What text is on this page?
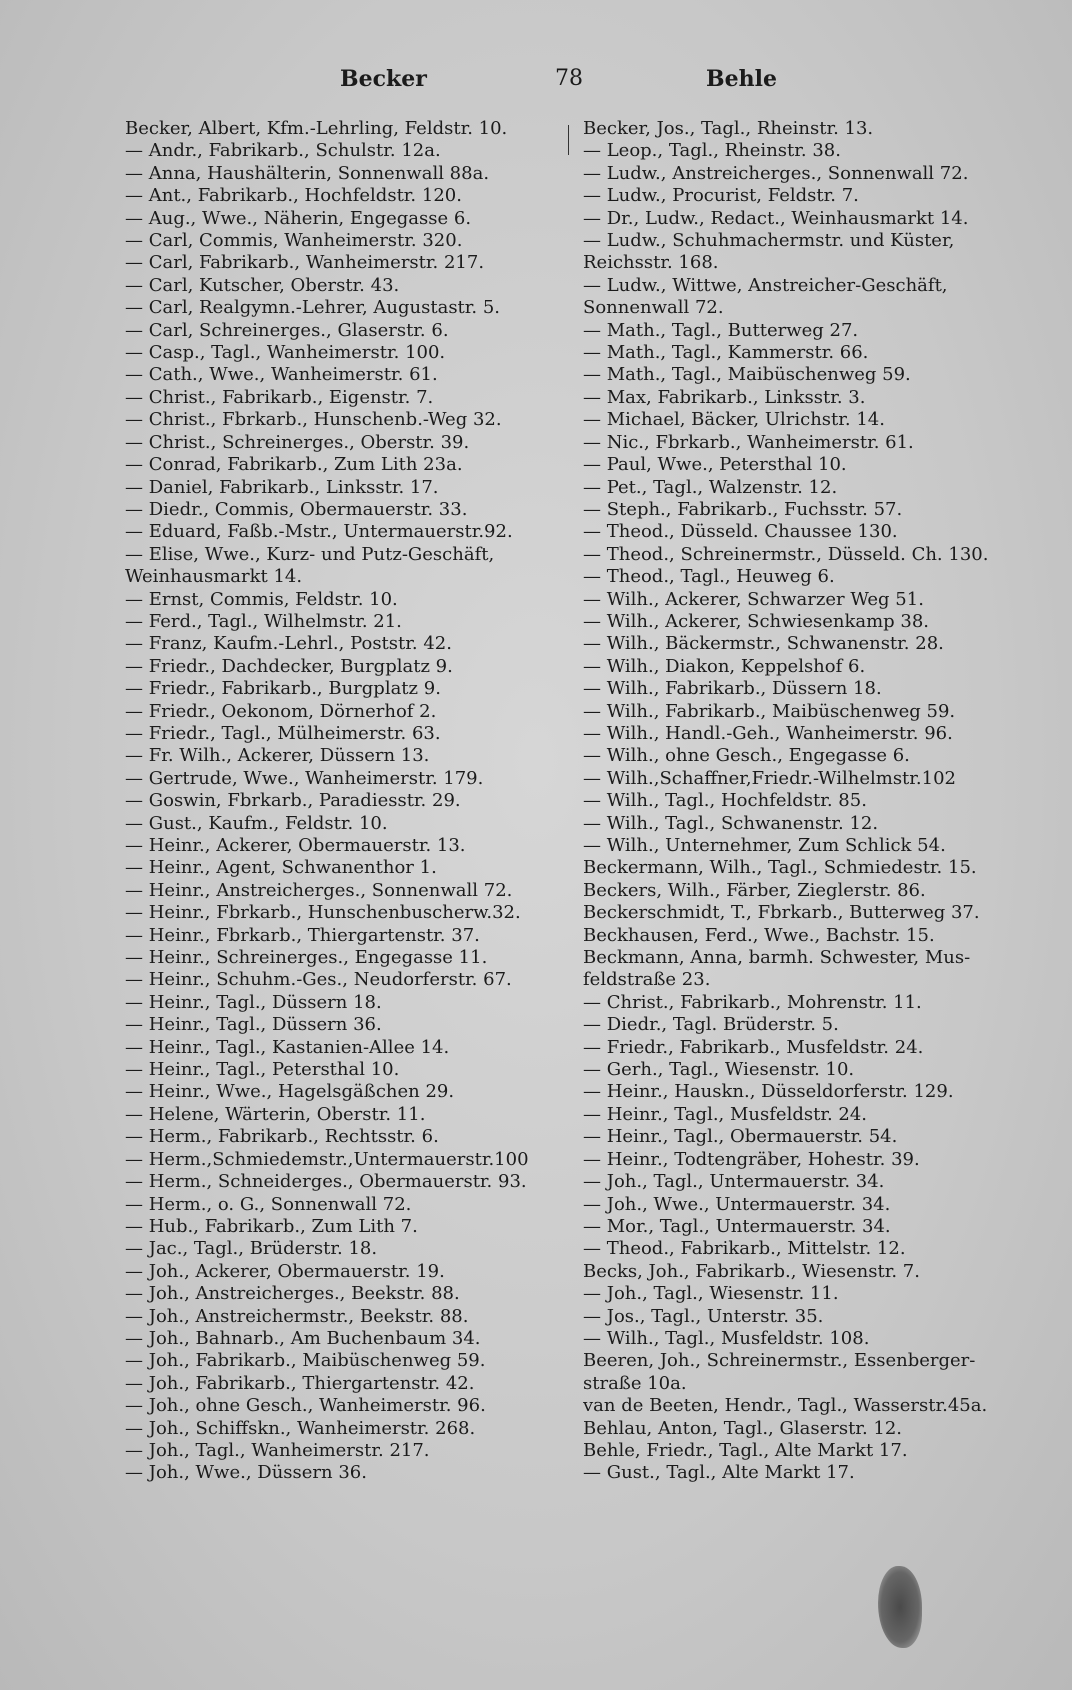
Becker	78	Behle
Becker, Albert, Kfm.-Lehrling, Feldstr. 10.
— Andr., Fabrikarb., Schulstr. 12a.
— Anna, Haushälterin, Sonnenwall 88a.
— Ant., Fabrikarb., Hochfeldstr. 120.
— Aug., Wwe., Näherin, Engegasse 6.
— Carl, Commis, Wanheimerstr. 320.
— Carl, Fabrikarb., Wanheimerstr. 217.
— Carl, Kutscher, Oberstr. 43.
— Carl, Realgymn.-Lehrer, Augustastr. 5.
— Carl, Schreinerges., Glaserstr. 6.
— Casp., Tagl., Wanheimerstr. 100.
— Cath., Wwe., Wanheimerstr. 61.
— Christ., Fabrikarb., Eigenstr. 7.
— Christ., Fbrkarb., Hunschenb.-Weg 32.
— Christ., Schreinerges., Oberstr. 39.
— Conrad, Fabrikarb., Zum Lith 23a.
— Daniel, Fabrikarb., Linksstr. 17.
— Diedr., Commis, Obermauerstr. 33.
— Eduard, Faßb.-Mstr., Untermauerstr.92.
— Elise, Wwe., Kurz- und Putz-Geschäft,
Weinhausmarkt 14.
— Ernst, Commis, Feldstr. 10.
— Ferd., Tagl., Wilhelmstr. 21.
— Franz, Kaufm.-Lehrl., Poststr. 42.
— Friedr., Dachdecker, Burgplatz 9.
— Friedr., Fabrikarb., Burgplatz 9.
— Friedr., Oekonom, Dörnerhof 2.
— Friedr., Tagl., Mülheimerstr. 63.
— Fr. Wilh., Ackerer, Düssern 13.
— Gertrude, Wwe., Wanheimerstr. 179.
— Goswin, Fbrkarb., Paradiesstr. 29.
— Gust., Kaufm., Feldstr. 10.
— Heinr., Ackerer, Obermauerstr. 13.
— Heinr., Agent, Schwanenthor 1.
— Heinr., Anstreicherges., Sonnenwall 72.
— Heinr., Fbrkarb., Hunschenbuscherw.32.
— Heinr., Fbrkarb., Thiergartenstr. 37.
— Heinr., Schreinerges., Engegasse 11.
— Heinr., Schuhm.-Ges., Neudorferstr. 67.
— Heinr., Tagl., Düssern 18.
— Heinr., Tagl., Düssern 36.
— Heinr., Tagl., Kastanien-Allee 14.
— Heinr., Tagl., Petersthal 10.
— Heinr., Wwe., Hagelsgäßchen 29.
— Helene, Wärterin, Oberstr. 11.
— Herm., Fabrikarb., Rechtsstr. 6.
— Herm.,Schmiedemstr.,Untermauerstr.100
— Herm., Schneiderges., Obermauerstr. 93.
— Herm., o. G., Sonnenwall 72.
— Hub., Fabrikarb., Zum Lith 7.
— Jac., Tagl., Brüderstr. 18.
— Joh., Ackerer, Obermauerstr. 19.
— Joh., Anstreicherges., Beekstr. 88.
— Joh., Anstreichermstr., Beekstr. 88.
— Joh., Bahnarb., Am Buchenbaum 34.
— Joh., Fabrikarb., Maibüschenweg 59.
— Joh., Fabrikarb., Thiergartenstr. 42.
— Joh., ohne Gesch., Wanheimerstr. 96.
— Joh., Schiffskn., Wanheimerstr. 268.
— Joh., Tagl., Wanheimerstr. 217.
— Joh., Wwe., Düssern 36.
Becker, Jos., Tagl., Rheinstr. 13.
— Leop., Tagl., Rheinstr. 38.
— Ludw., Anstreicherges., Sonnenwall 72.
— Ludw., Procurist, Feldstr. 7.
— Dr., Ludw., Redact., Weinhausmarkt 14.
— Ludw., Schuhmachermstr. und Küster,
Reichsstr. 168.
— Ludw., Wittwe, Anstreicher-Geschäft,
Sonnenwall 72.
— Math., Tagl., Butterweg 27.
— Math., Tagl., Kammerstr. 66.
— Math., Tagl., Maibüschenweg 59.
— Max, Fabrikarb., Linksstr. 3.
— Michael, Bäcker, Ulrichstr. 14.
— Nic., Fbrkarb., Wanheimerstr. 61.
— Paul, Wwe., Petersthal 10.
— Pet., Tagl., Walzenstr. 12.
— Steph., Fabrikarb., Fuchsstr. 57.
— Theod., Düsseld. Chaussee 130.
— Theod., Schreinermstr., Düsseld. Ch. 130.
— Theod., Tagl., Heuweg 6.
— Wilh., Ackerer, Schwarzer Weg 51.
— Wilh., Ackerer, Schwiesenkamp 38.
— Wilh., Bäckermstr., Schwanenstr. 28.
— Wilh., Diakon, Keppelshof 6.
— Wilh., Fabrikarb., Düssern 18.
— Wilh., Fabrikarb., Maibüschenweg 59.
— Wilh., Handl.-Geh., Wanheimerstr. 96.
— Wilh., ohne Gesch., Engegasse 6.
— Wilh.,Schaffner,Friedr.-Wilhelmstr.102
— Wilh., Tagl., Hochfeldstr. 85.
— Wilh., Tagl., Schwanenstr. 12.
— Wilh., Unternehmer, Zum Schlick 54.
Beckermann, Wilh., Tagl., Schmiedestr. 15.
Beckers, Wilh., Färber, Zieglerstr. 86.
Beckerschmidt, T., Fbrkarb., Butterweg 37.
Beckhausen, Ferd., Wwe., Bachstr. 15.
Beckmann, Anna, barmh. Schwester, Mus-
feldstraße 23.
— Christ., Fabrikarb., Mohrenstr. 11.
— Diedr., Tagl. Brüderstr. 5.
— Friedr., Fabrikarb., Musfeldstr. 24.
— Gerh., Tagl., Wiesenstr. 10.
— Heinr., Hauskn., Düsseldorferstr. 129.
— Heinr., Tagl., Musfeldstr. 24.
— Heinr., Tagl., Obermauerstr. 54.
— Heinr., Todtengräber, Hohestr. 39.
— Joh., Tagl., Untermauerstr. 34.
— Joh., Wwe., Untermauerstr. 34.
— Mor., Tagl., Untermauerstr. 34.
— Theod., Fabrikarb., Mittelstr. 12.
Becks, Joh., Fabrikarb., Wiesenstr. 7.
— Joh., Tagl., Wiesenstr. 11.
— Jos., Tagl., Unterstr. 35.
— Wilh., Tagl., Musfeldstr. 108.
Beeren, Joh., Schreinermstr., Essenberger-
straße 10a.
van de Beeten, Hendr., Tagl., Wasserstr.45a.
Behlau, Anton, Tagl., Glaserstr. 12.
Behle, Friedr., Tagl., Alte Markt 17.
— Gust., Tagl., Alte Markt 17.
